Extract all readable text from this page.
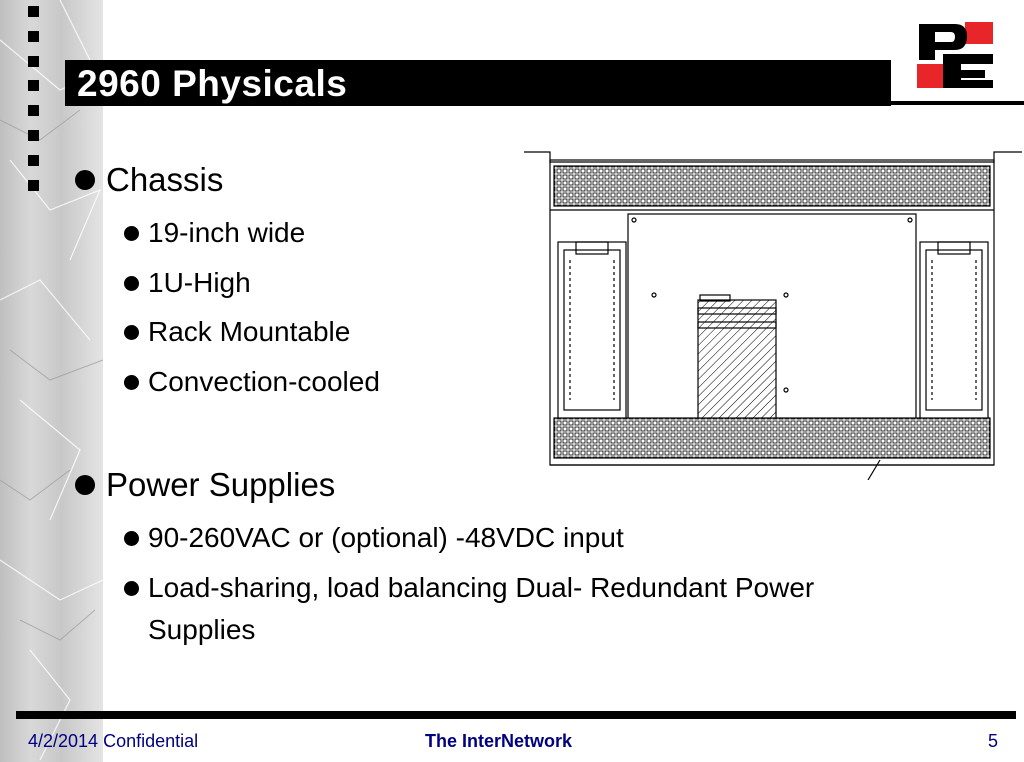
2960 Physicals
Chassis
19-inch wide
1U-High
Rack Mountable
Convection-cooled
Power Supplies
90-260VAC or (optional) -48VDC input
Load-sharing, load balancing Dual- Redundant Power Supplies
4/2/2014 Confidential	The InterNetwork	5
